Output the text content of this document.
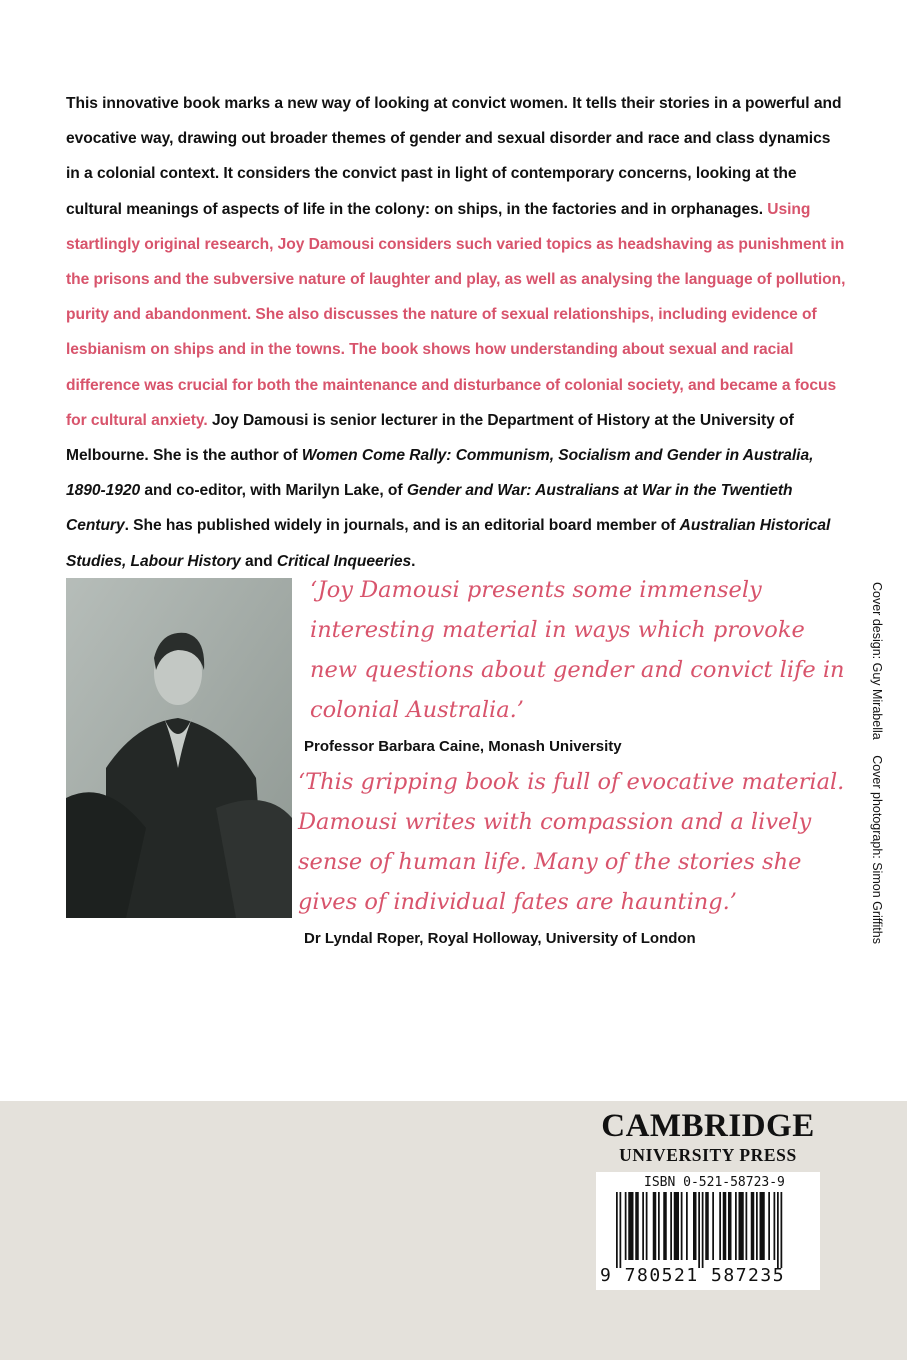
This innovative book marks a new way of looking at convict women. It tells their stories in a powerful and evocative way, drawing out broader themes of gender and sexual disorder and race and class dynamics in a colonial context. It considers the convict past in light of contemporary concerns, looking at the cultural meanings of aspects of life in the colony: on ships, in the factories and in orphanages. Using startlingly original research, Joy Damousi considers such varied topics as headshaving as punishment in the prisons and the subversive nature of laughter and play, as well as analysing the language of pollution, purity and abandonment. She also discusses the nature of sexual relationships, including evidence of lesbianism on ships and in the towns. The book shows how understanding about sexual and racial difference was crucial for both the maintenance and disturbance of colonial society, and became a focus for cultural anxiety. Joy Damousi is senior lecturer in the Department of History at the University of Melbourne. She is the author of Women Come Rally: Communism, Socialism and Gender in Australia, 1890-1920 and co-editor, with Marilyn Lake, of Gender and War: Australians at War in the Twentieth Century. She has published widely in journals, and is an editorial board member of Australian Historical Studies, Labour History and Critical Inqueeries.

‘Joy Damousi presents some immensely interesting material in ways which provoke new questions about gender and convict life in colonial Australia.’

Professor Barbara Caine, Monash University

‘This gripping book is full of evocative material. Damousi writes with compassion and a lively sense of human life. Many of the stories she gives of individual fates are haunting.’

Dr Lyndal Roper, Royal Holloway, University of London
Cover design: Guy Mirabella Cover photograph: Simon Griffiths
CAMBRIDGE
UNIVERSITY PRESS
ISBN 0-521-58723-9
9 780521 587235
